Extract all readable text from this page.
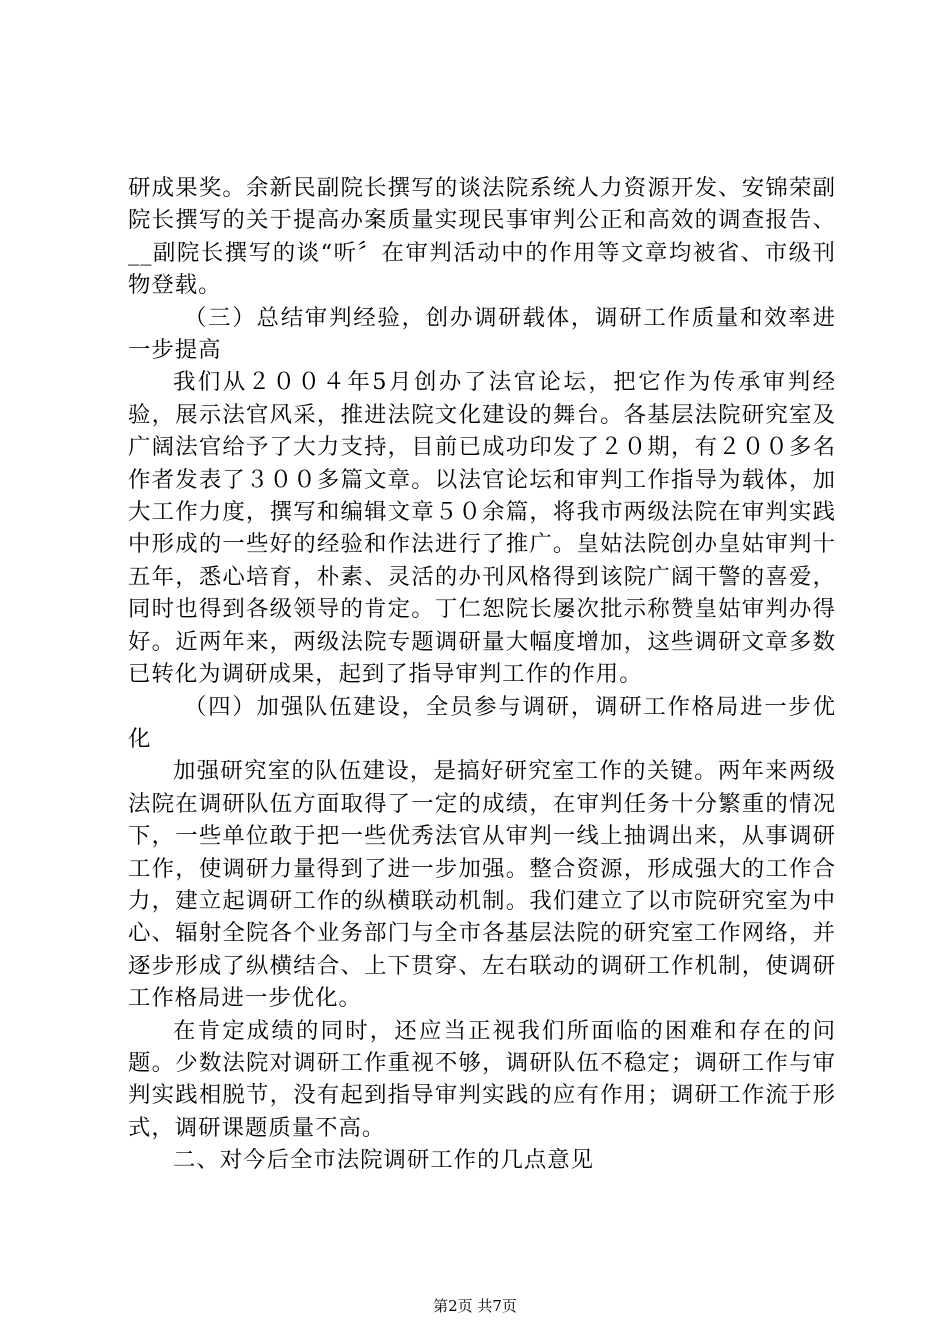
研成果奖。余新民副院长撰写的谈法院系统人力资源开发、安锦荣副院长撰写的关于提高办案质量实现民事审判公正和高效的调查报告、__副院长撰写的谈“听〞在审判活动中的作用等文章均被省、市级刊物登载。

（三）总结审判经验，创办调研载体，调研工作质量和效率进一步提高

我们从２００４年5月创办了法官论坛，把它作为传承审判经验，展示法官风采，推进法院文化建设的舞台。各基层法院研究室及广阔法官给予了大力支持，目前已成功印发了２０期，有２００多名作者发表了３００多篇文章。以法官论坛和审判工作指导为载体，加大工作力度，撰写和编辑文章５０余篇，将我市两级法院在审判实践中形成的一些好的经验和作法进行了推广。皇姑法院创办皇姑审判十五年，悉心培育，朴素、灵活的办刊风格得到该院广阔干警的喜爱，同时也得到各级领导的肯定。丁仁恕院长屡次批示称赞皇姑审判办得好。近两年来，两级法院专题调研量大幅度增加，这些调研文章多数已转化为调研成果，起到了指导审判工作的作用。

（四）加强队伍建设，全员参与调研，调研工作格局进一步优化

加强研究室的队伍建设，是搞好研究室工作的关键。两年来两级法院在调研队伍方面取得了一定的成绩，在审判任务十分繁重的情况下，一些单位敢于把一些优秀法官从审判一线上抽调出来，从事调研工作，使调研力量得到了进一步加强。整合资源，形成强大的工作合力，建立起调研工作的纵横联动机制。我们建立了以市院研究室为中心、辐射全院各个业务部门与全市各基层法院的研究室工作网络，并逐步形成了纵横结合、上下贯穿、左右联动的调研工作机制，使调研工作格局进一步优化。

在肯定成绩的同时，还应当正视我们所面临的困难和存在的问题。少数法院对调研工作重视不够，调研队伍不稳定；调研工作与审判实践相脱节，没有起到指导审判实践的应有作用；调研工作流于形式，调研课题质量不高。

二、对今后全市法院调研工作的几点意见

第2页 共7页
